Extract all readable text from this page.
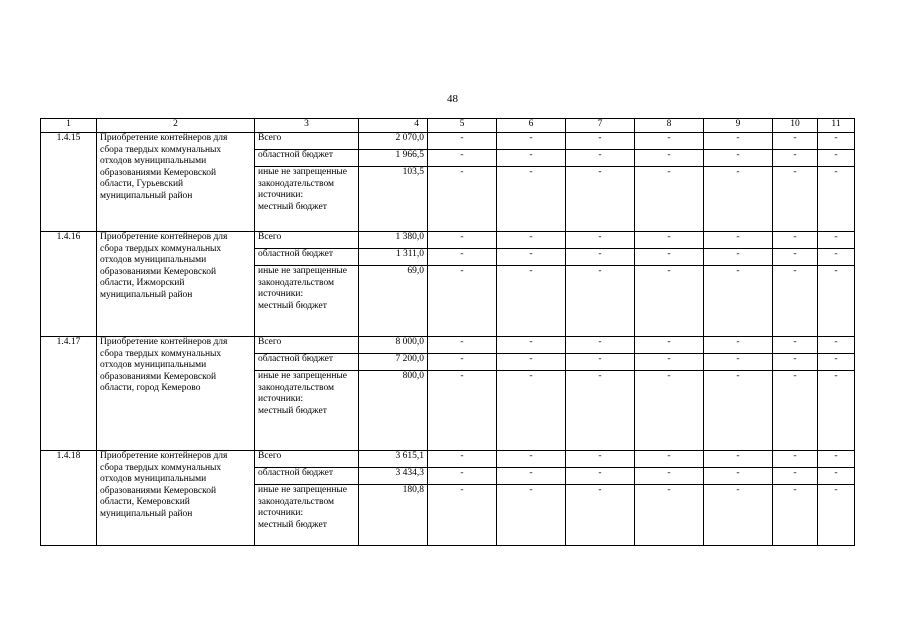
48
1	2	3	4	5	6	7	8	9	10	11
1.4.15	Приобретение контейнеров для сбора твердых коммунальных отходов муниципальными образованиями Кемеровской области, Гурьевский муниципальный район	Всего	2 070,0	-	-	-	-	-	-	-
		областной бюджет	1 966,5	-	-	-	-	-	-	-
		иные не запрещенные законодательством источники:
местный бюджет	103,5	-	-	-	-	-	-	-
1.4.16	Приобретение контейнеров для сбора твердых коммунальных отходов муниципальными образованиями Кемеровской области, Ижморский муниципальный район	Всего	1 380,0	-	-	-	-	-	-	-
		областной бюджет	1 311,0	-	-	-	-	-	-	-
		иные не запрещенные законодательством источники:
местный бюджет	69,0	-	-	-	-	-	-	-
1.4.17	Приобретение контейнеров для сбора твердых коммунальных отходов муниципальными образованиями Кемеровской области, город Кемерово	Всего	8 000,0	-	-	-	-	-	-	-
		областной бюджет	7 200,0	-	-	-	-	-	-	-
		иные не запрещенные законодательством источники:
местный бюджет	800,0	-	-	-	-	-	-	-
1.4.18	Приобретение контейнеров для сбора твердых коммунальных отходов муниципальными образованиями Кемеровской области, Кемеровский муниципальный район	Всего	3 615,1	-	-	-	-	-	-	-
		областной бюджет	3 434,3	-	-	-	-	-	-	-
		иные не запрещенные законодательством источники:
местный бюджет	180,8	-	-	-	-	-	-	-
